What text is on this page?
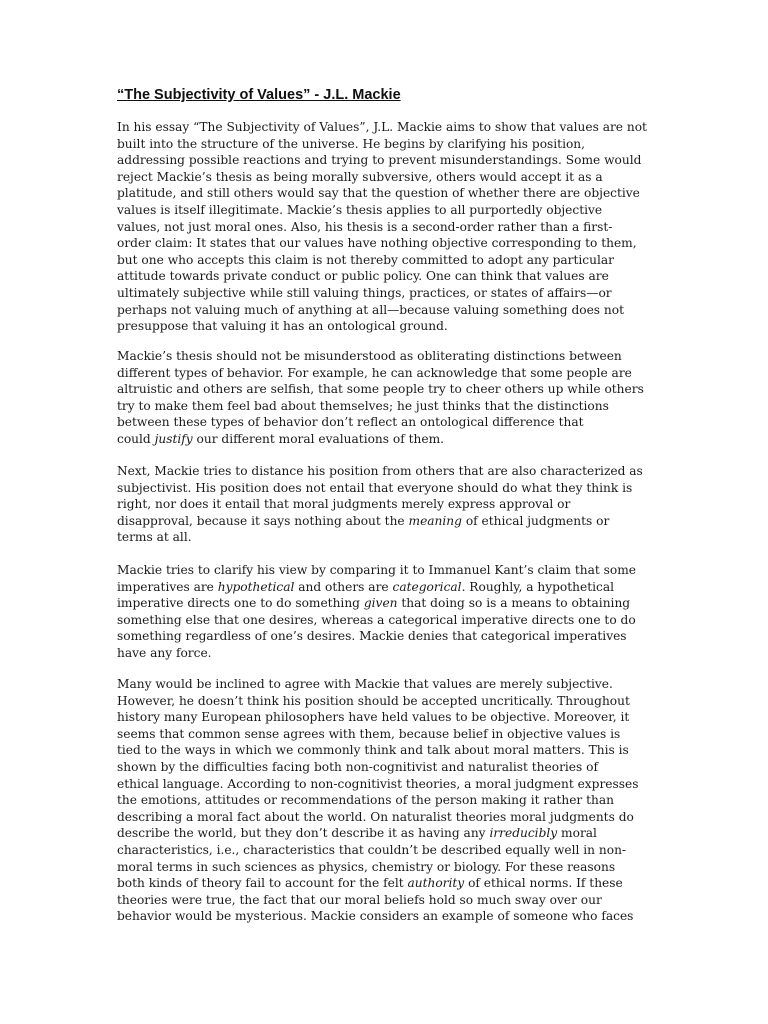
“The Subjectivity of Values” - J.L. Mackie
In his essay “The Subjectivity of Values”, J.L. Mackie aims to show that values are not
built into the structure of the universe. He begins by clarifying his position,
addressing possible reactions and trying to prevent misunderstandings. Some would
reject Mackie’s thesis as being morally subversive, others would accept it as a
platitude, and still others would say that the question of whether there are objective
values is itself illegitimate. Mackie’s thesis applies to all purportedly objective
values, not just moral ones. Also, his thesis is a second-order rather than a first-
order claim: It states that our values have nothing objective corresponding to them,
but one who accepts this claim is not thereby committed to adopt any particular
attitude towards private conduct or public policy. One can think that values are
ultimately subjective while still valuing things, practices, or states of affairs—or
perhaps not valuing much of anything at all—because valuing something does not
presuppose that valuing it has an ontological ground.
Mackie’s thesis should not be misunderstood as obliterating distinctions between
different types of behavior. For example, he can acknowledge that some people are
altruistic and others are selfish, that some people try to cheer others up while others
try to make them feel bad about themselves; he just thinks that the distinctions
between these types of behavior don’t reflect an ontological difference that
could justify our different moral evaluations of them.
Next, Mackie tries to distance his position from others that are also characterized as
subjectivist. His position does not entail that everyone should do what they think is
right, nor does it entail that moral judgments merely express approval or
disapproval, because it says nothing about the meaning of ethical judgments or
terms at all.
Mackie tries to clarify his view by comparing it to Immanuel Kant’s claim that some
imperatives are hypothetical and others are categorical. Roughly, a hypothetical
imperative directs one to do something given that doing so is a means to obtaining
something else that one desires, whereas a categorical imperative directs one to do
something regardless of one’s desires. Mackie denies that categorical imperatives
have any force.
Many would be inclined to agree with Mackie that values are merely subjective.
However, he doesn’t think his position should be accepted uncritically. Throughout
history many European philosophers have held values to be objective. Moreover, it
seems that common sense agrees with them, because belief in objective values is
tied to the ways in which we commonly think and talk about moral matters. This is
shown by the difficulties facing both non-cognitivist and naturalist theories of
ethical language. According to non-cognitivist theories, a moral judgment expresses
the emotions, attitudes or recommendations of the person making it rather than
describing a moral fact about the world. On naturalist theories moral judgments do
describe the world, but they don’t describe it as having any irreducibly moral
characteristics, i.e., characteristics that couldn’t be described equally well in non-
moral terms in such sciences as physics, chemistry or biology. For these reasons
both kinds of theory fail to account for the felt authority of ethical norms. If these
theories were true, the fact that our moral beliefs hold so much sway over our
behavior would be mysterious. Mackie considers an example of someone who faces
